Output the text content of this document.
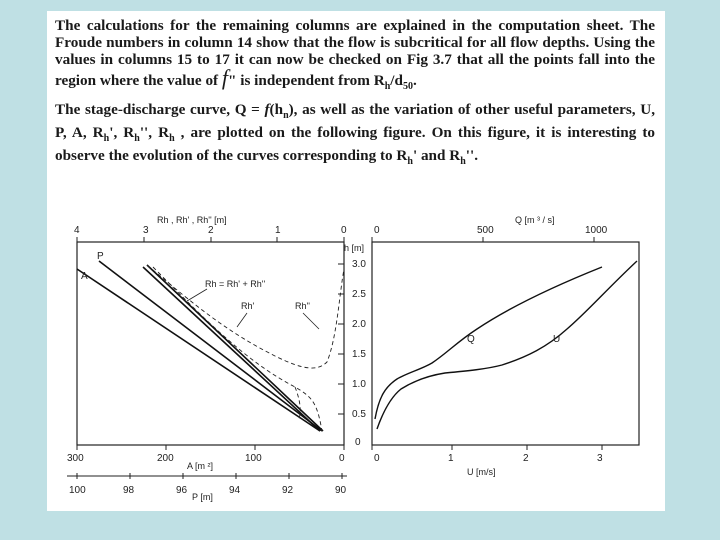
The calculations for the remaining columns are explained in the computation sheet. The Froude numbers in column 14 show that the flow is subcritical for all flow depths. Using the values in columns 15 to 17 it can now be checked on Fig 3.7 that all the points fall into the region where the value of f" is independent from $R_h/d_{50}$.

The stage-discharge curve, $Q = f(h_n)$, as well as the variation of other useful parameters, U, P, A, $R_h'$, $R_h''$, $R_h$ , are plotted on the following figure. On this figure, it is interesting to observe the evolution of the curves corresponding to $R_h'$ and $R_h''$.

4	3	2	1	0
Rh , Rh' , Rh'' [m]
P
A
Rh = Rh' + Rh''
Rh'	Rh''
300	200	100	0
A [m ²]
100	98	96	94	92	90
P [m]
h [m]
3.0
2.5
2.0
1.5
1.0
0.5
0
Q [m ³ / s]
0	500	1000
0	1	2	3
U [m/s]
Q	U
